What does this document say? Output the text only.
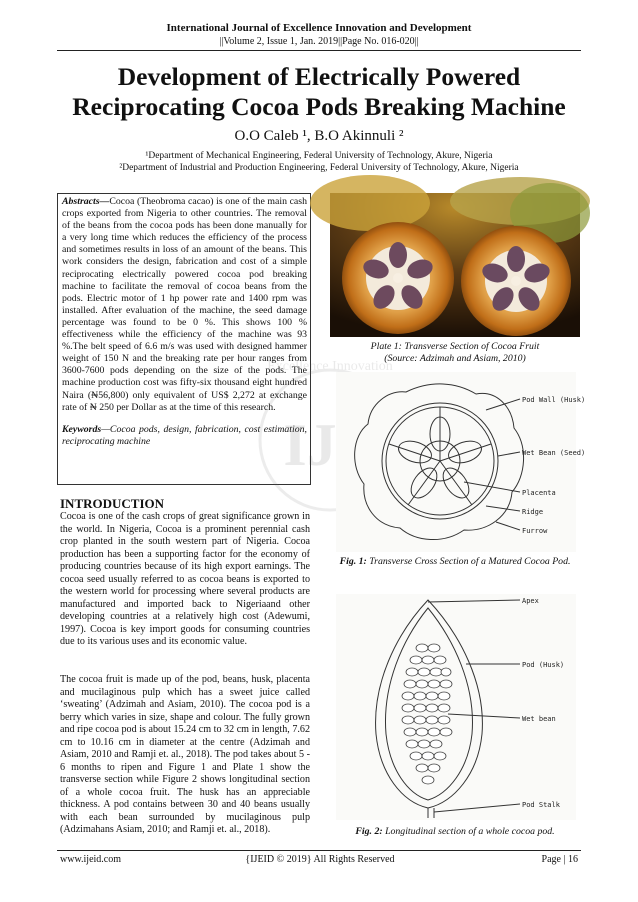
International Journal of Excellence Innovation and Development
||Volume 2, Issue 1, Jan. 2019||Page No. 016-020||
Development of Electrically Powered
Reciprocating Cocoa Pods Breaking Machine
O.O Caleb ¹, B.O Akinnuli ²
¹Department of Mechanical Engineering, Federal University of Technology, Akure, Nigeria
²Department of Industrial and Production Engineering, Federal University of Technology, Akure, Nigeria
Abstracts—Cocoa (Theobroma cacao) is one of the main cash crops exported from Nigeria to other countries. The removal of the beans from the cocoa pods has been done manually for a very long time which reduces the efficiency of the process and sometimes results in loss of an amount of the beans. This work considers the design, fabrication and cost of a simple reciprocating electrically powered cocoa pod breaking machine to facilitate the removal of cocoa beans from the pods. Electric motor of 1 hp power rate and 1400 rpm was installed. After evaluation of the machine, the seed damage percentage was found to be 0 %. This shows 100 % effectiveness while the efficiency of the machine was 93 %.The belt speed of 6.6 m/s was used with designed hammer weight of 150 N and the breaking rate per hour ranges from 3600-7600 pods depending on the size of the pods. The machine production cost was fifty-six thousand eight hundred Naira (₦56,800) only equivalent of US$ 2,272 at exchange rate of ₦ 250 per Dollar as at the time of this research.
Keywords—Cocoa pods, design, fabrication, cost estimation, reciprocating machine
INTRODUCTION
Cocoa is one of the cash crops of great significance grown in the world. In Nigeria, Cocoa is a prominent perennial cash crop planted in the south western part of Nigeria. Cocoa production has been a supporting factor for the economy of producing countries because of its high export earnings. The cocoa seed usually referred to as cocoa beans is exported to the western world for processing where several products are manufactured and imported back to Nigeriaand other developing countries at a relatively high cost (Adewumi, 1997). Cocoa is key import goods for consuming countries due to its various uses and its economic value.
The cocoa fruit is made up of the pod, beans, husk, placenta and mucilaginous pulp which has a sweet juice called ‘sweating’ (Adzimah and Asiam, 2010). The cocoa pod is a berry which varies in size, shape and colour. The fully grown and ripe cocoa pod is about 15.24 cm to 32 cm in length, 7.62 cm to 10.16 cm in diameter at the centre (Adzimah and Asiam, 2010 and Ramji et. al., 2018). The pod takes about 5 - 6 months to ripen and Figure 1 and Plate 1 show the transverse section while Figure 2 shows longitudinal section of a whole cocoa fruit. The husk has an appreciable thickness. A pod contains between 30 and 40 beans usually with each bean surrounded by mucilaginous pulp (Adzimahans Asiam, 2010; and Ramji et. al., 2018).
IJE
Excellence Innovation
Plate 1: Transverse Section of Cocoa Fruit
(Source: Adzimah and Asiam, 2010)
Pod Wall (Husk)
Wet Bean (Seed)
Placenta
Ridge
Furrow
Fig. 1: Transverse Cross Section of a Matured Cocoa Pod.
Apex
Pod (Husk)
Wet bean
Pod Stalk
Fig. 2: Longitudinal section of a whole cocoa pod.
www.ijeid.com	{IJEID © 2019} All Rights Reserved	Page | 16
